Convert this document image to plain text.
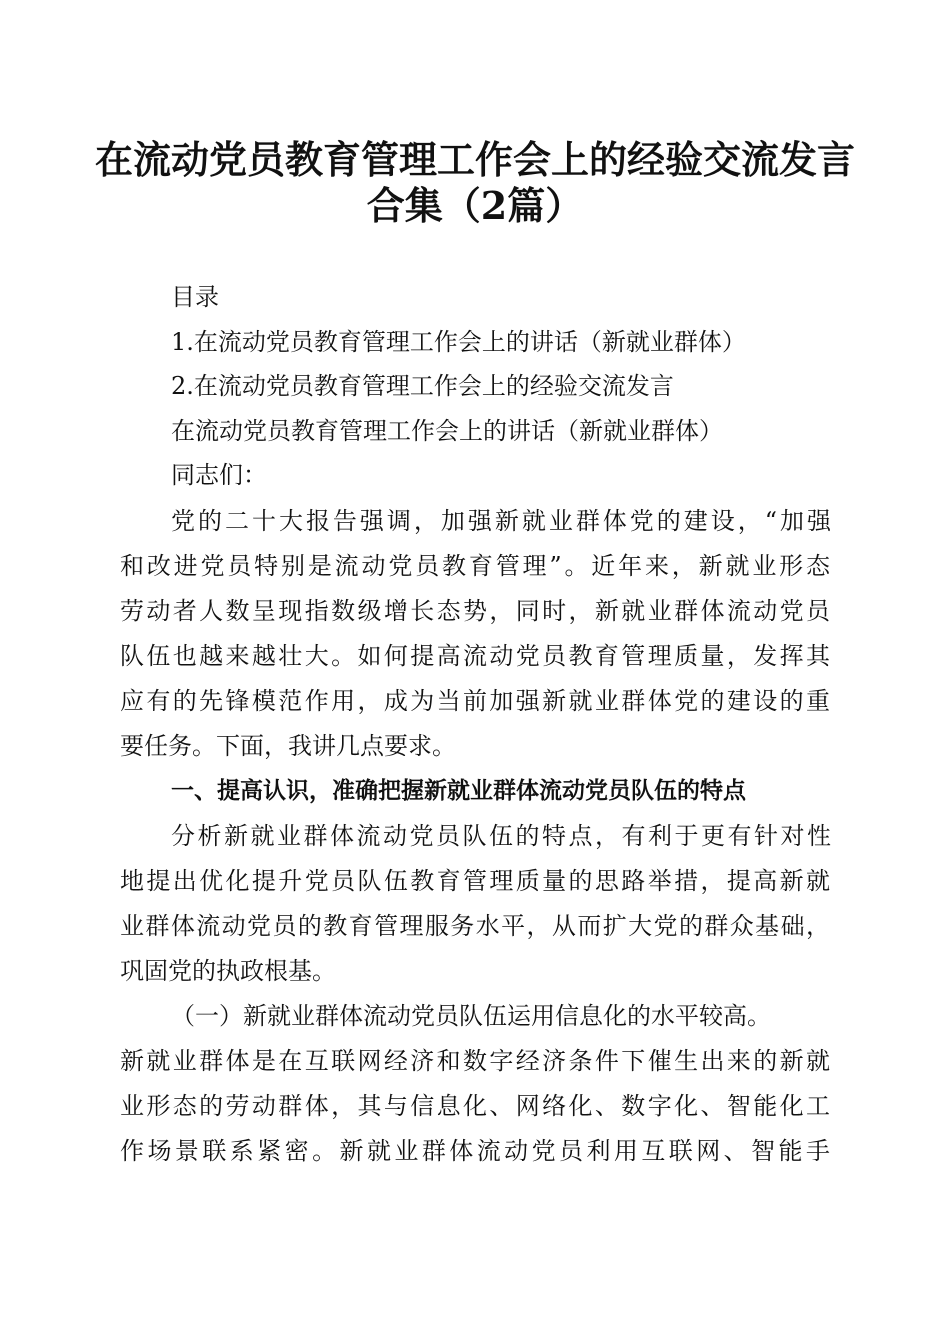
在流动党员教育管理工作会上的经验交流发言
合集（2篇）
目录
1.在流动党员教育管理工作会上的讲话（新就业群体）
2.在流动党员教育管理工作会上的经验交流发言
在流动党员教育管理工作会上的讲话（新就业群体）
同志们：
党的二十大报告强调，加强新就业群体党的建设，“加强
和改进党员特别是流动党员教育管理”。近年来，新就业形态
劳动者人数呈现指数级增长态势，同时，新就业群体流动党员
队伍也越来越壮大。如何提高流动党员教育管理质量，发挥其
应有的先锋模范作用，成为当前加强新就业群体党的建设的重
要任务。下面，我讲几点要求。
一、提高认识，准确把握新就业群体流动党员队伍的特点
分析新就业群体流动党员队伍的特点，有利于更有针对性
地提出优化提升党员队伍教育管理质量的思路举措，提高新就
业群体流动党员的教育管理服务水平，从而扩大党的群众基础，
巩固党的执政根基。
（一）新就业群体流动党员队伍运用信息化的水平较高。
新就业群体是在互联网经济和数字经济条件下催生出来的新就
业形态的劳动群体，其与信息化、网络化、数字化、智能化工
作场景联系紧密。新就业群体流动党员利用互联网、智能手
